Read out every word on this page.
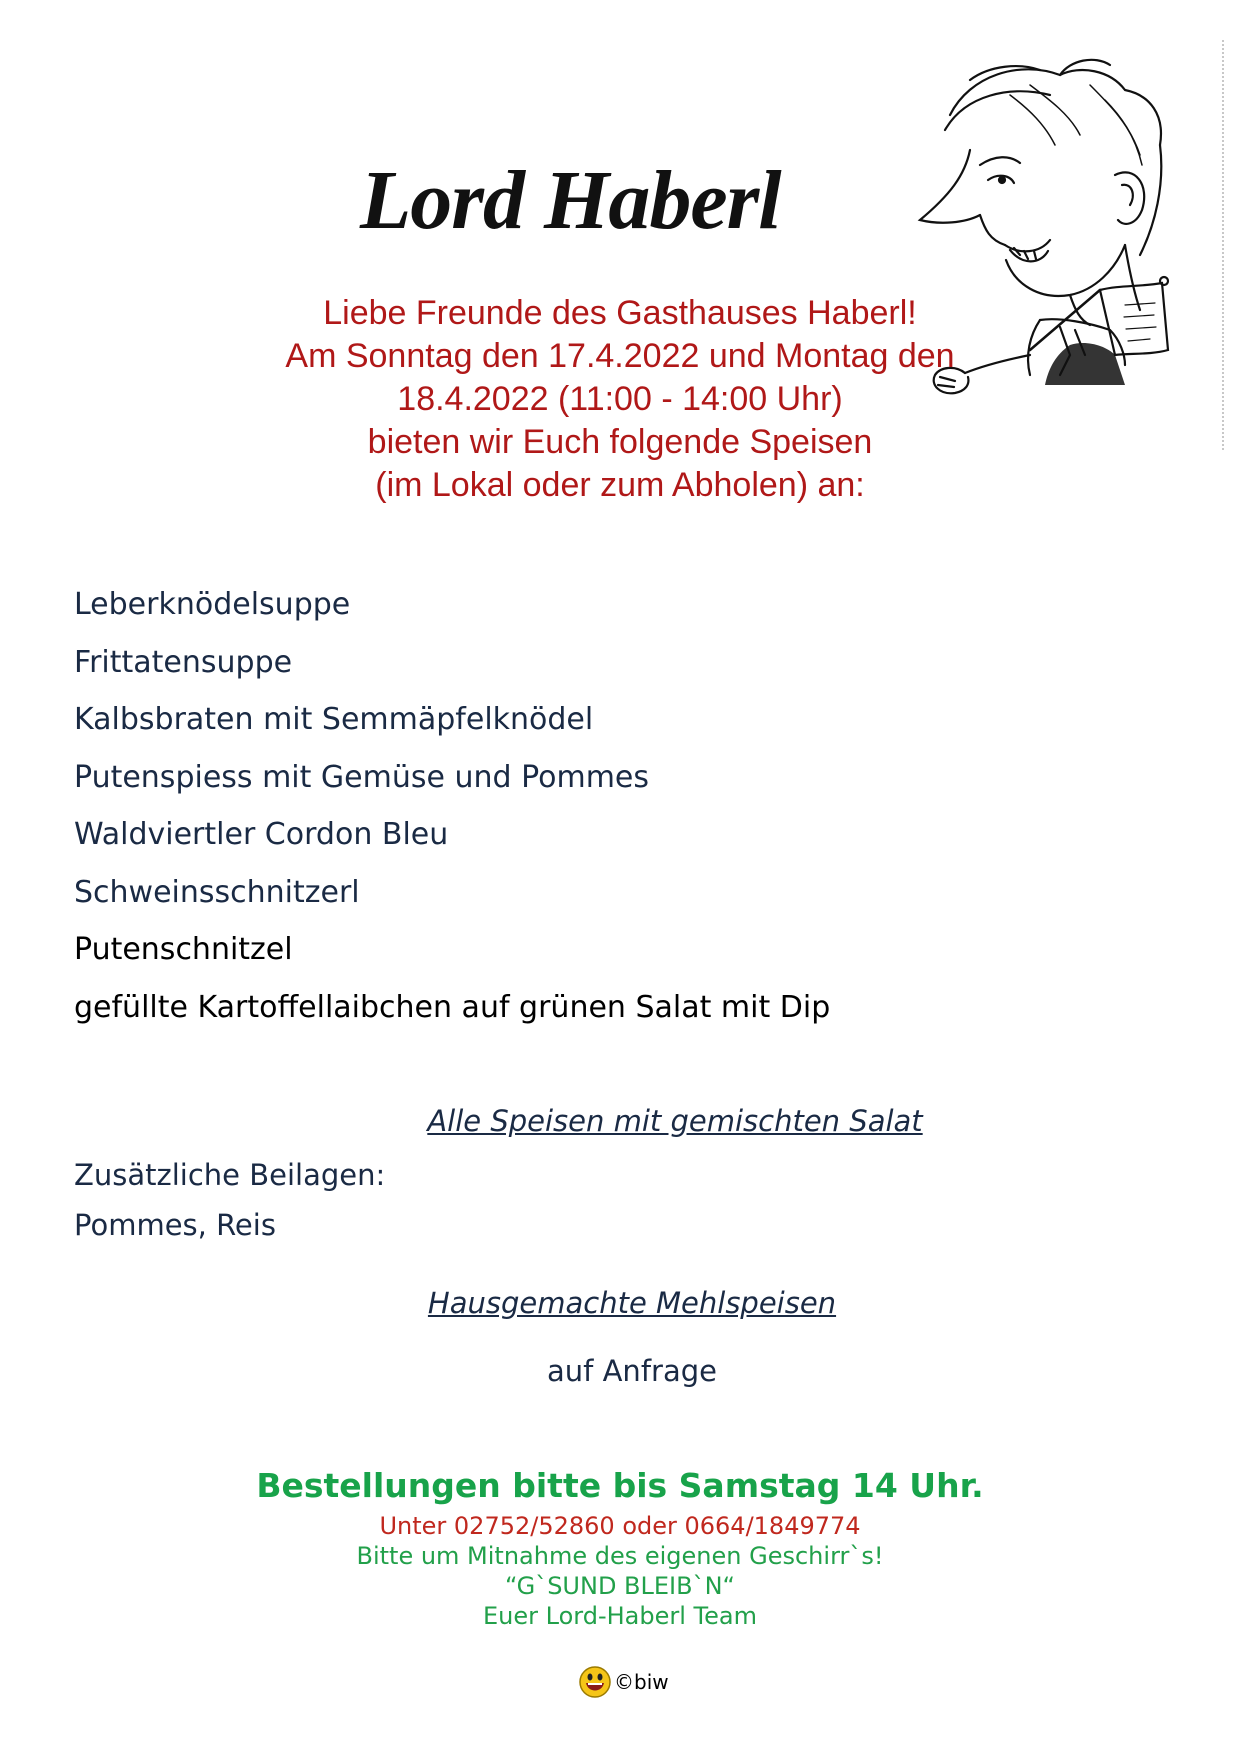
Lord Haberl
Liebe Freunde des Gasthauses Haberl!
Am Sonntag den 17.4.2022 und Montag den
18.4.2022 (11:00 - 14:00 Uhr)
bieten wir Euch folgende Speisen
(im Lokal oder zum Abholen) an:
Leberknödelsuppe
Frittatensuppe
Kalbsbraten mit Semmäpfelknödel
Putenspiess mit Gemüse und Pommes
Waldviertler Cordon Bleu
Schweinsschnitzerl
Putenschnitzel
gefüllte Kartoffellaibchen auf grünen Salat mit Dip
Alle Speisen mit gemischten Salat
Zusätzliche Beilagen:
Pommes, Reis
Hausgemachte Mehlspeisen
auf Anfrage
Bestellungen bitte bis Samstag 14 Uhr.
Unter 02752/52860 oder 0664/1849774
Bitte um Mitnahme des eigenen Geschirr`s!
“G`SUND BLEIB`N“
Euer Lord-Haberl Team
©biw
